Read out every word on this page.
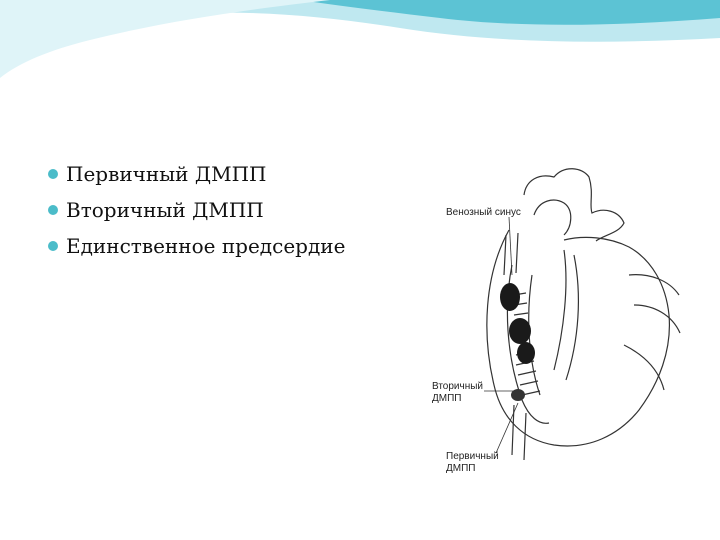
Первичный ДМПП
Вторичный ДМПП
Единственное предсердие
Венозный синус
Вторичный
ДМПП
Первичный
ДМПП
